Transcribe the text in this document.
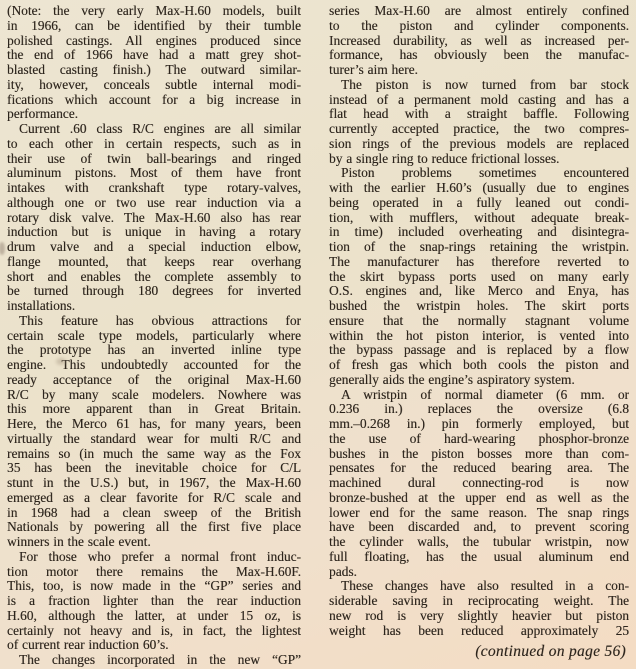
(Note: the very early Max-H.60 models, built
in 1966, can be identified by their tumble
polished castings. All engines produced since
the end of 1966 have had a matt grey shot-
blasted casting finish.) The outward similar-
ity, however, conceals subtle internal modi-
fications which account for a big increase in
performance.
Current .60 class R/C engines are all similar
to each other in certain respects, such as in
their use of twin ball-bearings and ringed
aluminum pistons. Most of them have front
intakes with crankshaft type rotary-valves,
although one or two use rear induction via a
rotary disk valve. The Max-H.60 also has rear
induction but is unique in having a rotary
drum valve and a special induction elbow,
flange mounted, that keeps rear overhang
short and enables the complete assembly to
be turned through 180 degrees for inverted
installations.
This feature has obvious attractions for
certain scale type models, particularly where
the prototype has an inverted inline type
engine. This undoubtedly accounted for the
ready acceptance of the original Max-H.60
R/C by many scale modelers. Nowhere was
this more apparent than in Great Britain.
Here, the Merco 61 has, for many years, been
virtually the standard wear for multi R/C and
remains so (in much the same way as the Fox
35 has been the inevitable choice for C/L
stunt in the U.S.) but, in 1967, the Max-H.60
emerged as a clear favorite for R/C scale and
in 1968 had a clean sweep of the British
Nationals by powering all the first five place
winners in the scale event.
For those who prefer a normal front induc-
tion motor there remains the Max-H.60F.
This, too, is now made in the “GP” series and
is a fraction lighter than the rear induction
H.60, although the latter, at under 15 oz, is
certainly not heavy and is, in fact, the lightest
of current rear induction 60’s.
The changes incorporated in the new “GP”
series Max-H.60 are almost entirely confined
to the piston and cylinder components.
Increased durability, as well as increased per-
formance, has obviously been the manufac-
turer’s aim here.
The piston is now turned from bar stock
instead of a permanent mold casting and has a
flat head with a straight baffle. Following
currently accepted practice, the two compres-
sion rings of the previous models are replaced
by a single ring to reduce frictional losses.
Piston problems sometimes encountered
with the earlier H.60’s (usually due to engines
being operated in a fully leaned out condi-
tion, with mufflers, without adequate break-
in time) included overheating and disintegra-
tion of the snap-rings retaining the wristpin.
The manufacturer has therefore reverted to
the skirt bypass ports used on many early
O.S. engines and, like Merco and Enya, has
bushed the wristpin holes. The skirt ports
ensure that the normally stagnant volume
within the hot piston interior, is vented into
the bypass passage and is replaced by a flow
of fresh gas which both cools the piston and
generally aids the engine’s aspiratory system.
A wristpin of normal diameter (6 mm. or
0.236 in.) replaces the oversize (6.8
mm.–0.268 in.) pin formerly employed, but
the use of hard-wearing phosphor-bronze
bushes in the piston bosses more than com-
pensates for the reduced bearing area. The
machined dural connecting-rod is now
bronze-bushed at the upper end as well as the
lower end for the same reason. The snap rings
have been discarded and, to prevent scoring
the cylinder walls, the tubular wristpin, now
full floating, has the usual aluminum end
pads.
These changes have also resulted in a con-
siderable saving in reciprocating weight. The
new rod is very slightly heavier but piston
weight has been reduced approximately 25
(continued on page 56)
